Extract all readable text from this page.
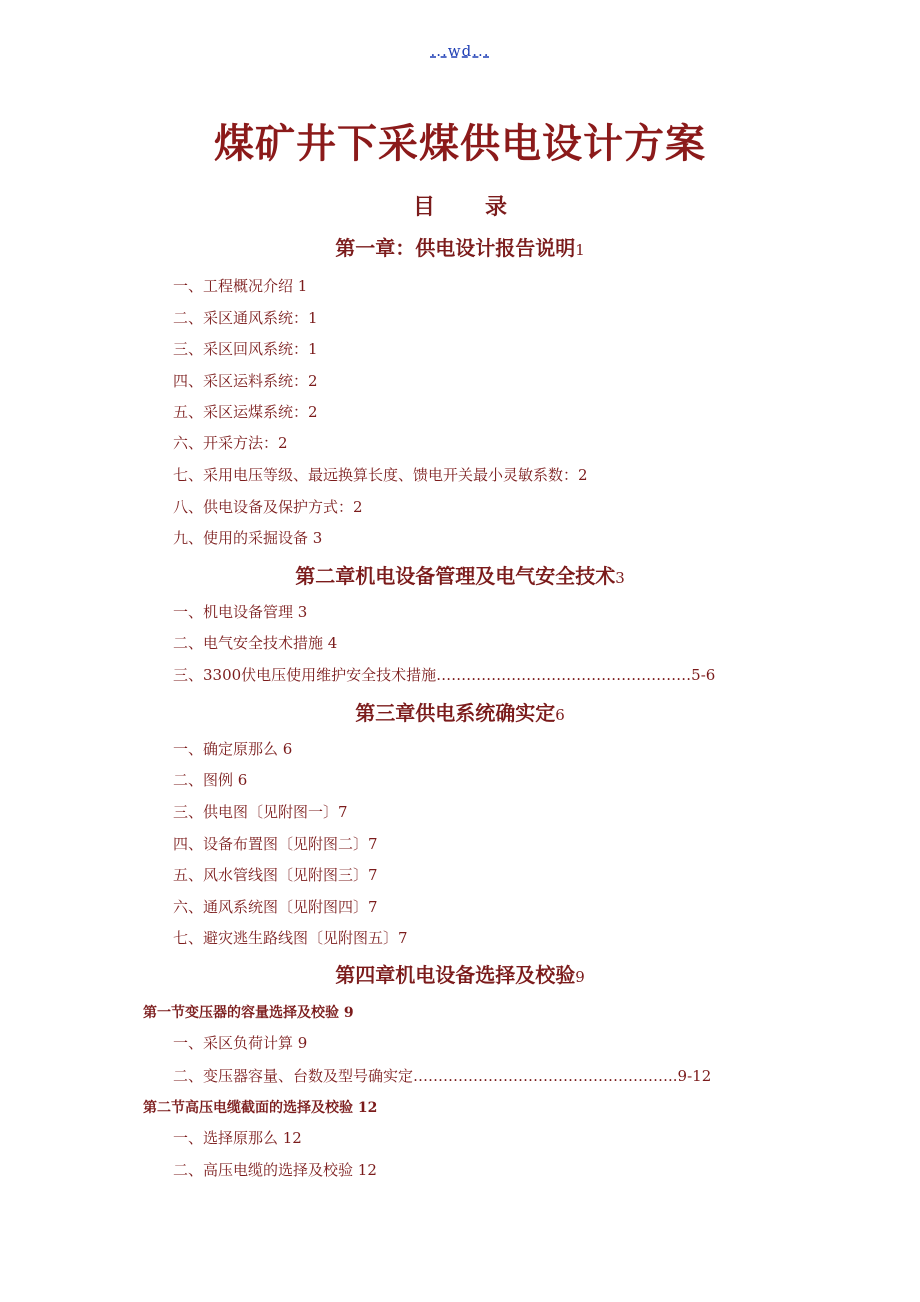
...wd...
煤矿井下采煤供电设计方案
目 录
第一章：供电设计报告说明1
一、工程概况介绍 1
二、采区通风系统：1
三、采区回风系统：1
四、采区运料系统：2
五、采区运煤系统：2
六、开采方法：2
七、采用电压等级、最远换算长度、馈电开关最小灵敏系数：2
八、供电设备及保护方式：2
九、使用的采掘设备 3
第二章机电设备管理及电气安全技术3
一、机电设备管理 3
二、电气安全技术措施 4
三、3300伏电压使用维护安全技术措施……………………………………………5-6
第三章供电系统确实定6
一、确定原那么 6
二、图例 6
三、供电图〔见附图一〕7
四、设备布置图〔见附图二〕7
五、风水管线图〔见附图三〕7
六、通风系统图〔见附图四〕7
七、避灾逃生路线图〔见附图五〕7
第四章机电设备选择及校验9
第一节变压器的容量选择及校验 9
一、采区负荷计算 9
二、变压器容量、台数及型号确实定……………………………………………..9-12
第二节高压电缆截面的选择及校验 12
一、选择原那么 12
二、高压电缆的选择及校验 12
